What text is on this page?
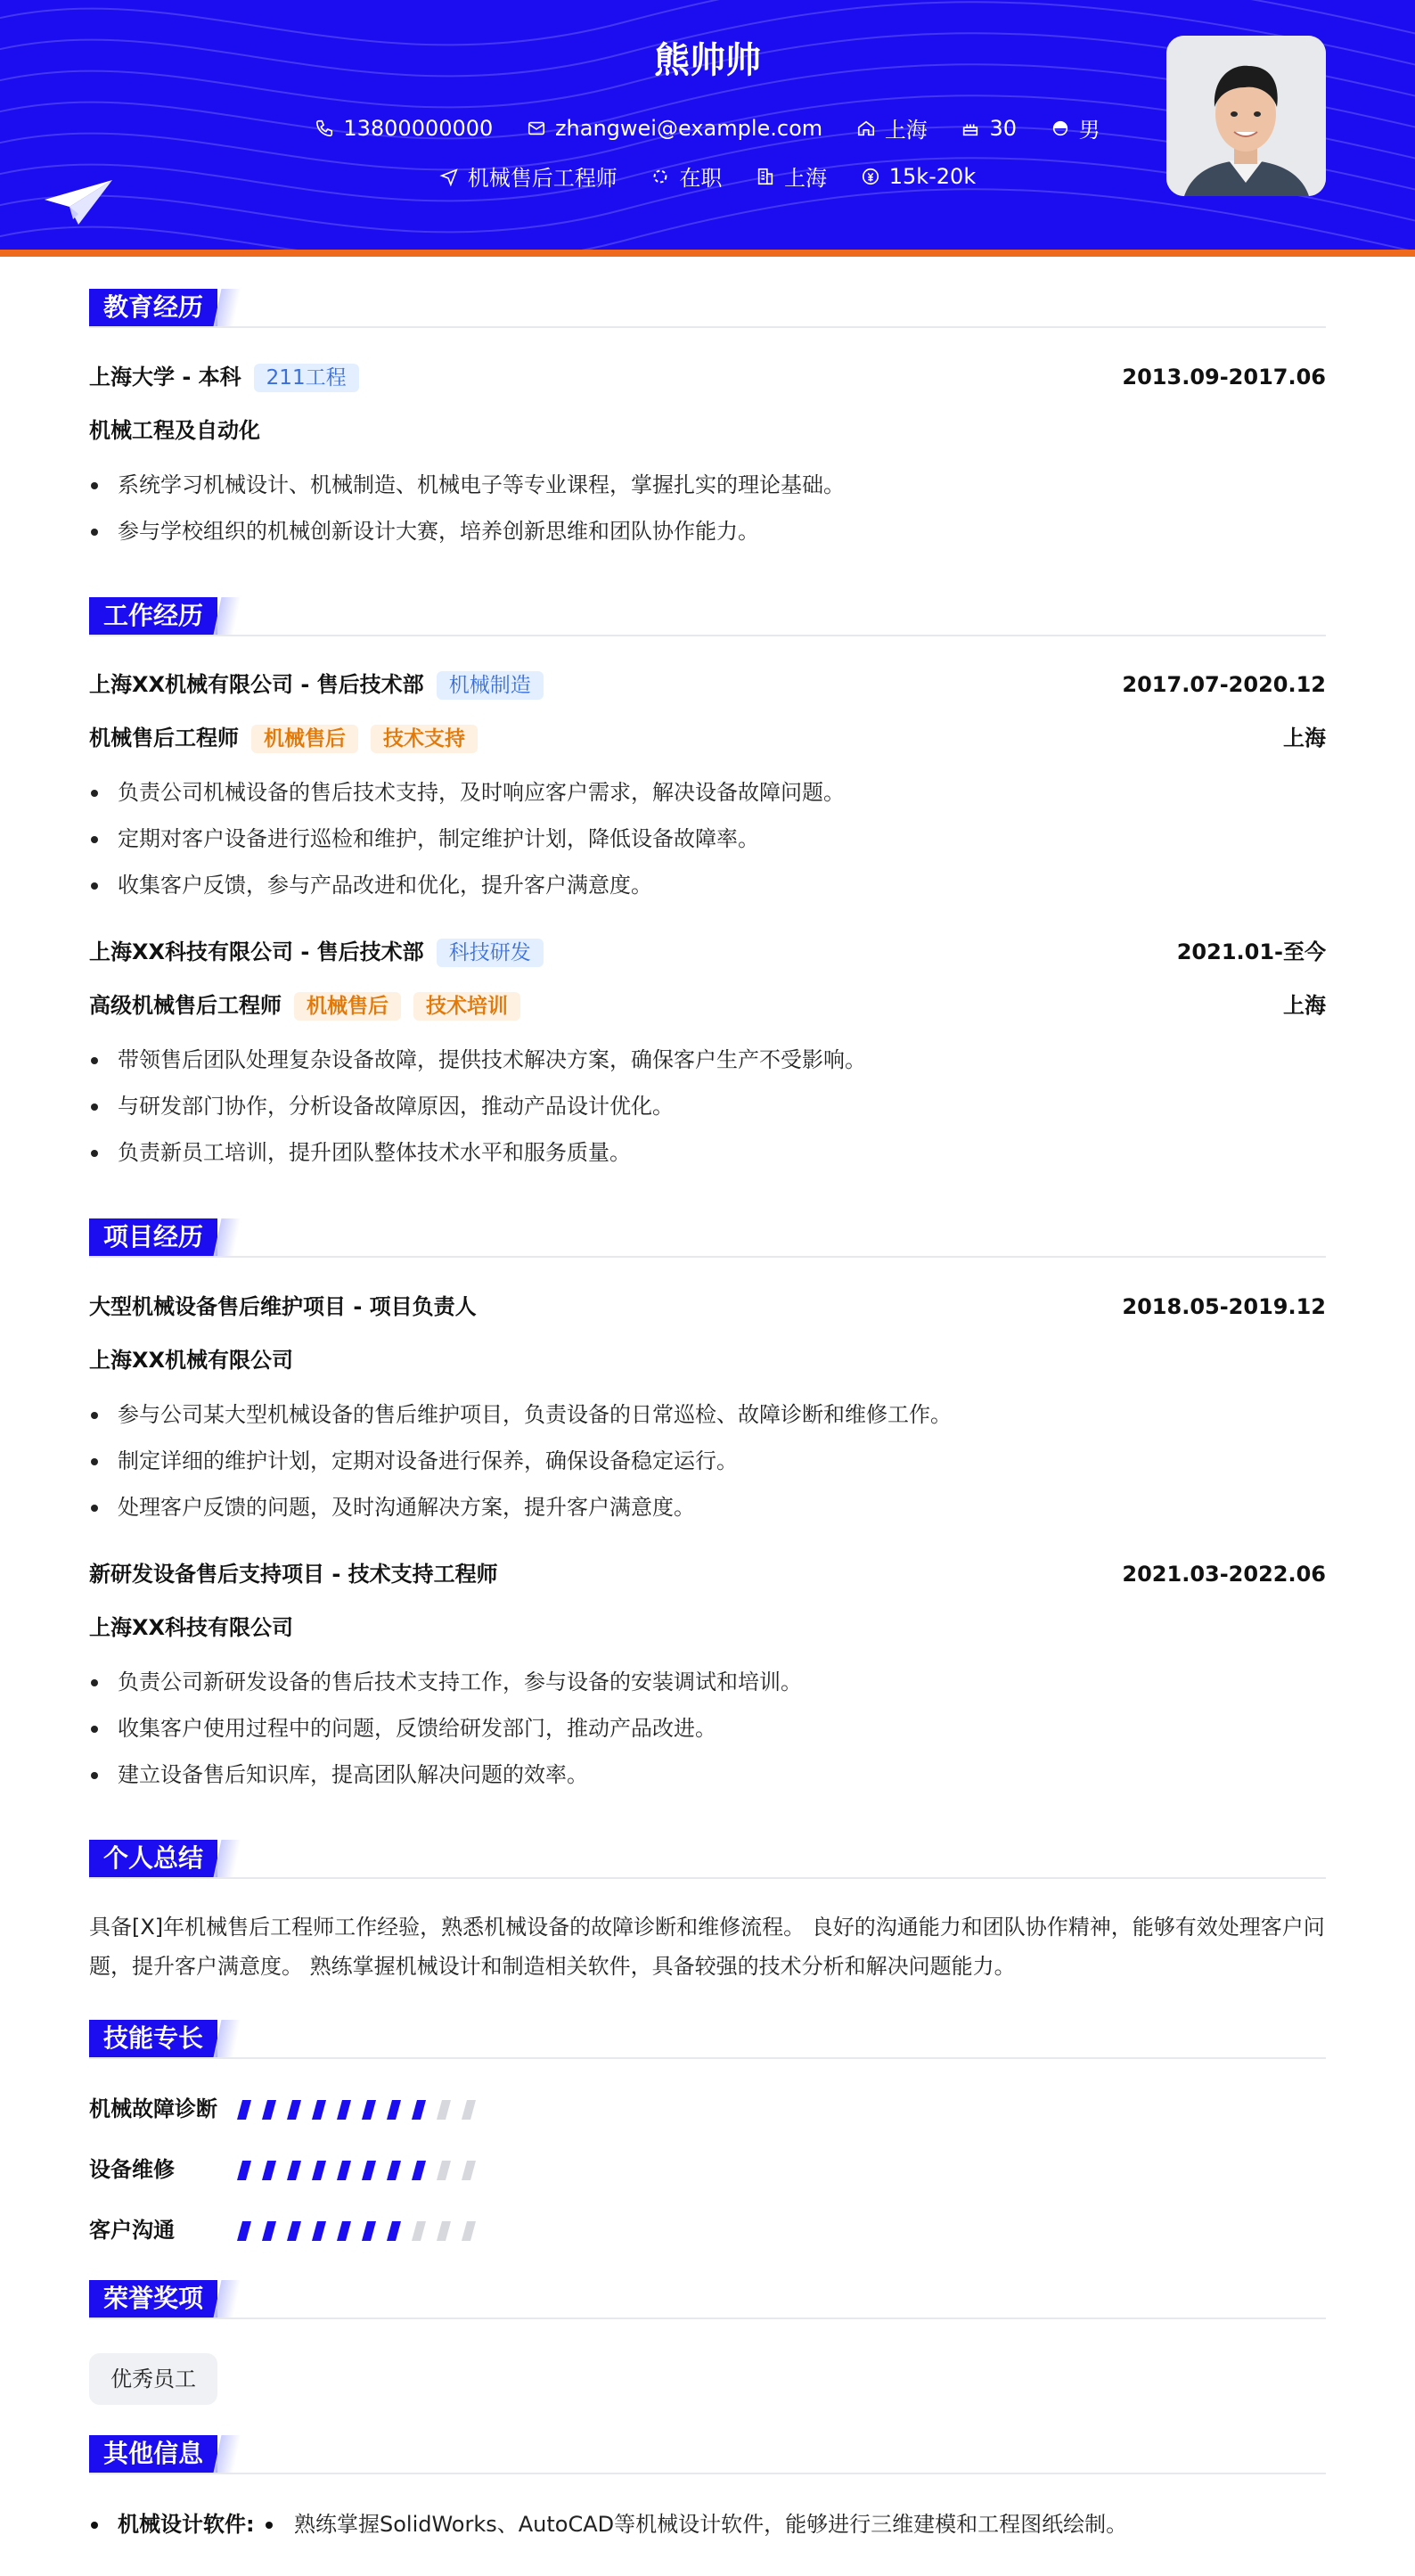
熊帅帅
13800000000
	zhangwei@example.com
	上海
	30
	男
机械售后工程师
	在职
	上海
	15k-20k
教育经历
上海大学 - 本科 211工程	2013.09-2017.06
机械工程及自动化
系统学习机械设计、机械制造、机械电子等专业课程，掌握扎实的理论基础。
参与学校组织的机械创新设计大赛，培养创新思维和团队协作能力。
工作经历
上海XX机械有限公司 - 售后技术部 机械制造	2017.07-2020.12
机械售后工程师 机械售后 技术支持	上海
负责公司机械设备的售后技术支持，及时响应客户需求，解决设备故障问题。
定期对客户设备进行巡检和维护，制定维护计划，降低设备故障率。
收集客户反馈，参与产品改进和优化，提升客户满意度。
上海XX科技有限公司 - 售后技术部 科技研发	2021.01-至今
高级机械售后工程师 机械售后 技术培训	上海
带领售后团队处理复杂设备故障，提供技术解决方案，确保客户生产不受影响。
与研发部门协作，分析设备故障原因，推动产品设计优化。
负责新员工培训，提升团队整体技术水平和服务质量。
项目经历
大型机械设备售后维护项目 - 项目负责人	2018.05-2019.12
上海XX机械有限公司
参与公司某大型机械设备的售后维护项目，负责设备的日常巡检、故障诊断和维修工作。
制定详细的维护计划，定期对设备进行保养，确保设备稳定运行。
处理客户反馈的问题，及时沟通解决方案，提升客户满意度。
新研发设备售后支持项目 - 技术支持工程师	2021.03-2022.06
上海XX科技有限公司
负责公司新研发设备的售后技术支持工作，参与设备的安装调试和培训。
收集客户使用过程中的问题，反馈给研发部门，推动产品改进。
建立设备售后知识库，提高团队解决问题的效率。
个人总结
具备[X]年机械售后工程师工作经验，熟悉机械设备的故障诊断和维修流程。 良好的沟通能力和团队协作精神，能够有效处理客户问题，提升客户满意度。 熟练掌握机械设计和制造相关软件，具备较强的技术分析和解决问题能力。
技能专长
机械故障诊断
设备维修
客户沟通
荣誉奖项
优秀员工
其他信息
机械设计软件: 熟练掌握SolidWorks、AutoCAD等机械设计软件，能够进行三维建模和工程图纸绘制。
